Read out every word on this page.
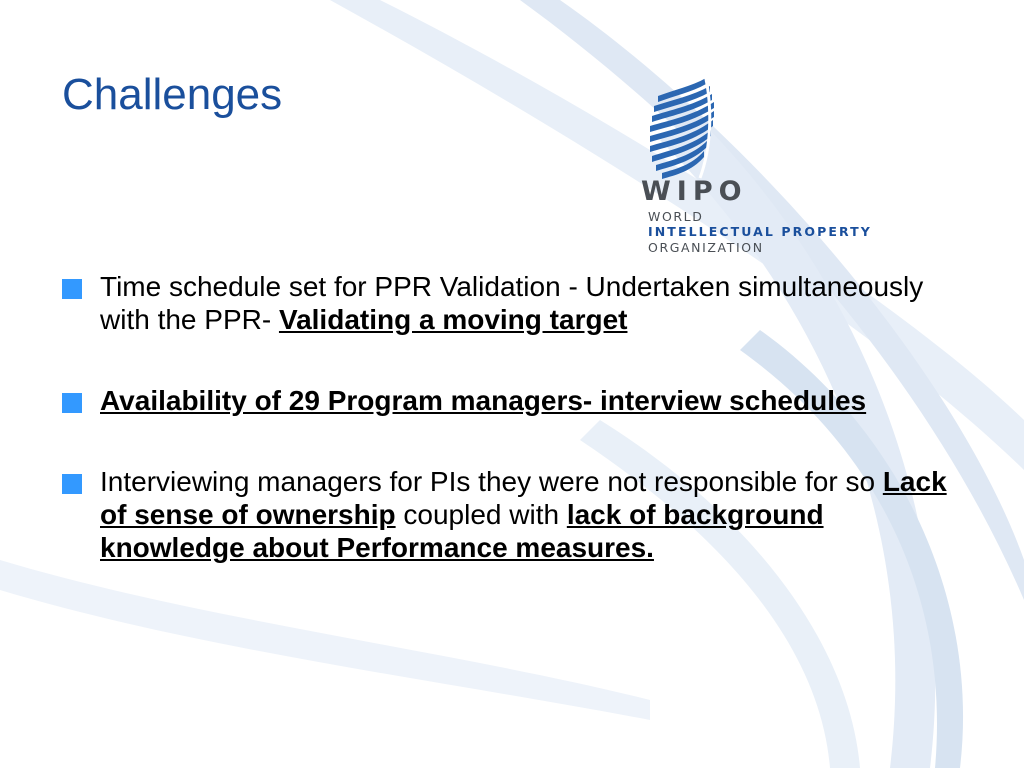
Challenges
WIPO
WORLD
INTELLECTUAL PROPERTY
ORGANIZATION
Time schedule set for PPR Validation - Undertaken simultaneously with the PPR- Validating a moving target
Availability of 29 Program managers- interview schedules
Interviewing managers for PIs they were not responsible for so Lack of sense of ownership coupled with lack of background knowledge about Performance measures.
